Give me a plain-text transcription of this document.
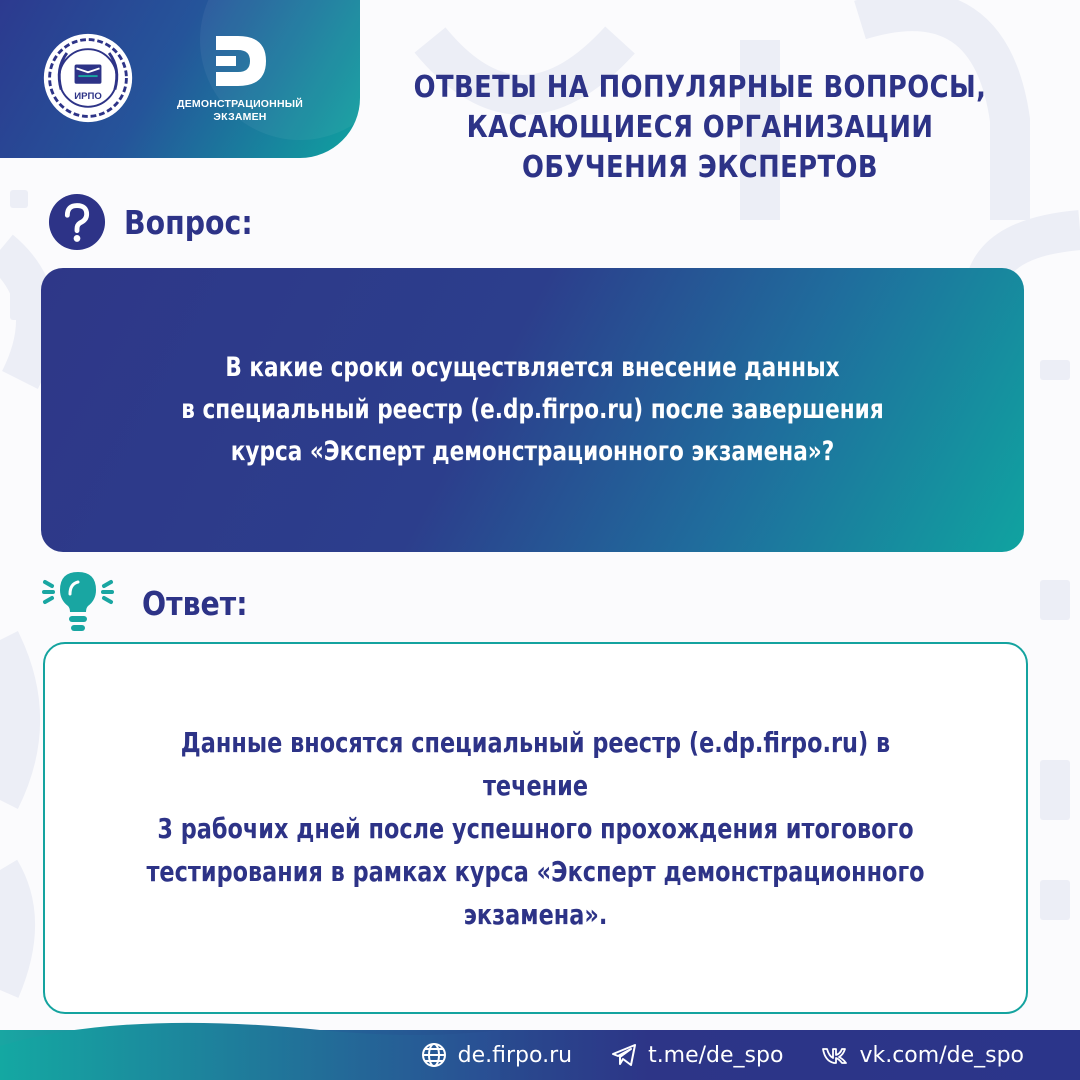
ИРПО
ДЕМОНСТРАЦИОННЫЙ
ЭКЗАМЕН
ОТВЕТЫ НА ПОПУЛЯРНЫЕ ВОПРОСЫ,
КАСАЮЩИЕСЯ ОРГАНИЗАЦИИ
ОБУЧЕНИЯ ЭКСПЕРТОВ
Вопрос:
В какие сроки осуществляется внесение данных
в специальный реестр (e.dp.firpo.ru) после завершения
курса «Эксперт демонстрационного экзамена»?
Ответ:
Данные вносятся специальный реестр (e.dp.firpo.ru) в течение
3 рабочих дней после успешного прохождения итогового
тестирования в рамках курса «Эксперт демонстрационного
экзамена».
de.firpo.ru	t.me/de_spo	vk.com/de_spo
